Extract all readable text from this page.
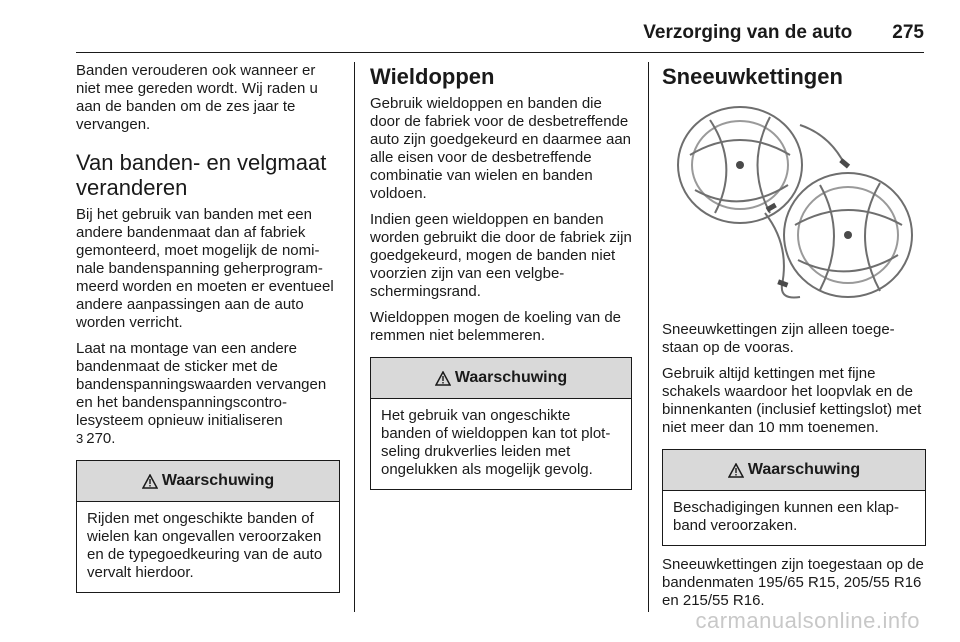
Verzorging van de auto 275

Banden verouderen ook wanneer er niet mee gereden wordt. Wij raden u aan de banden om de zes jaar te vervangen.

Van banden- en velgmaat veranderen

Bij het gebruik van banden met een andere bandenmaat dan af fabriek gemonteerd, moet mogelijk de nominale bandenspanning geherprogrammeerd worden en moeten er eventueel andere aanpassingen aan de auto worden verricht.

Laat na montage van een andere bandenmaat de sticker met de bandenspanningswaarden vervangen en het bandenspanningscontrolesysteem opnieuw initialiseren
3 270.

Waarschuwing
Rijden met ongeschikte banden of wielen kan ongevallen veroorzaken en de typegoedkeuring van de auto vervalt hierdoor.
Wieldoppen

Gebruik wieldoppen en banden die door de fabriek voor de desbetreffende auto zijn goedgekeurd en daarmee aan alle eisen voor de desbetreffende combinatie van wielen en banden voldoen.

Indien geen wieldoppen en banden worden gebruikt die door de fabriek zijn goedgekeurd, mogen de banden niet voorzien zijn van een velgbeschermingsrand.

Wieldoppen mogen de koeling van de remmen niet belemmeren.

Waarschuwing
Het gebruik van ongeschikte banden of wieldoppen kan tot plotseling drukverlies leiden met ongelukken als mogelijk gevolg.
Sneeuwkettingen

Sneeuwkettingen zijn alleen toegestaan op de vooras.

Gebruik altijd kettingen met fijne schakels waardoor het loopvlak en de binnenkanten (inclusief kettingslot) met niet meer dan 10 mm toenemen.

Waarschuwing
Beschadigingen kunnen een klapband veroorzaken.

Sneeuwkettingen zijn toegestaan op de bandenmaten 195/65 R15, 205/55 R16 en 215/55 R16.

carmanualsonline.info
